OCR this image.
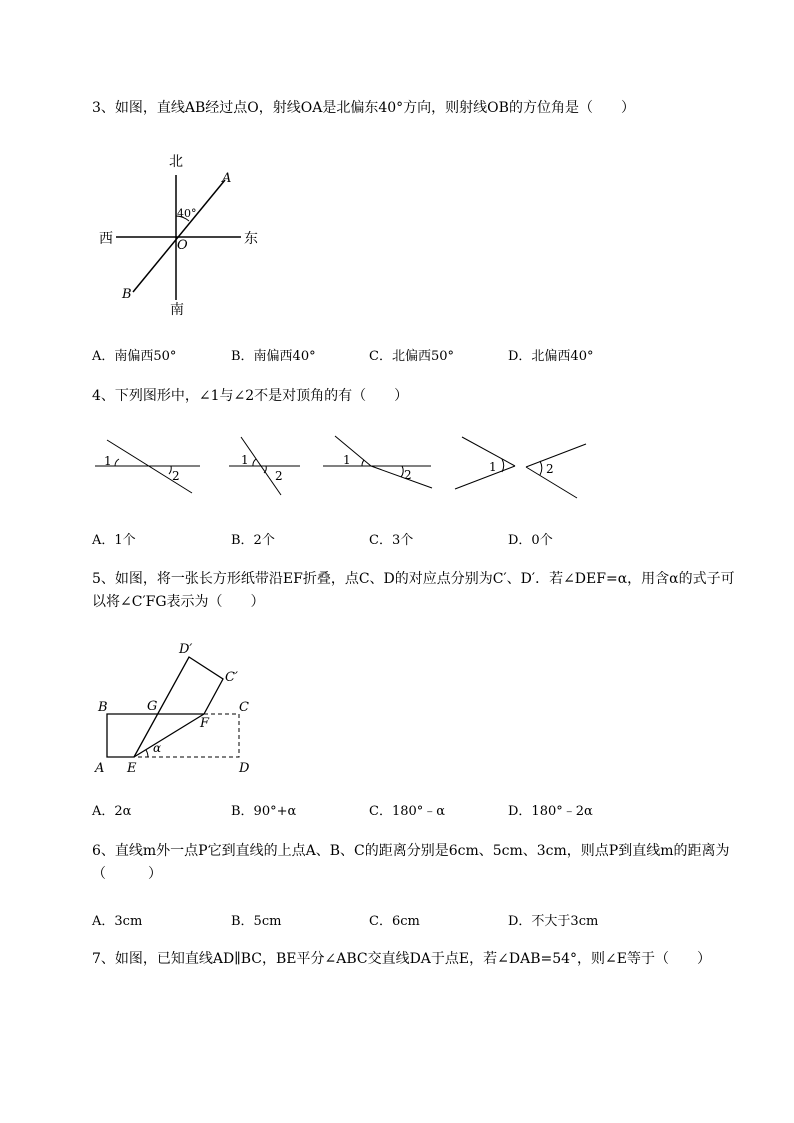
3、如图，直线AB经过点O，射线OA是北偏东40°方向，则射线OB的方位角是（　　）
北
南
西	东
A
B
O
40°
A．南偏西50°	B．南偏西40°	C．北偏西50°	D．北偏西40°
4、下列图形中，∠1与∠2不是对顶角的有（　　）
1
2
1
2
1
2
1	2
A．1个	B．2个	C．3个	D．0个
5、如图，将一张长方形纸带沿EF折叠，点C、D的对应点分别为C′、D′．若∠DEF=α，用含α的式子可以将∠C′FG表示为（　　）
A
B	C
D
E
F
G
C′
D′
α
A．2α	B．90°+α	C．180°﹣α	D．180°﹣2α
6、直线m外一点P它到直线的上点A、B、C的距离分别是6cm、5cm、3cm，则点P到直线m的距离为（　　　）
A．3cm	B．5cm	C．6cm	D．不大于3cm
7、如图，已知直线AD∥BC，BE平分∠ABC交直线DA于点E，若∠DAB=54°，则∠E等于（　　）
